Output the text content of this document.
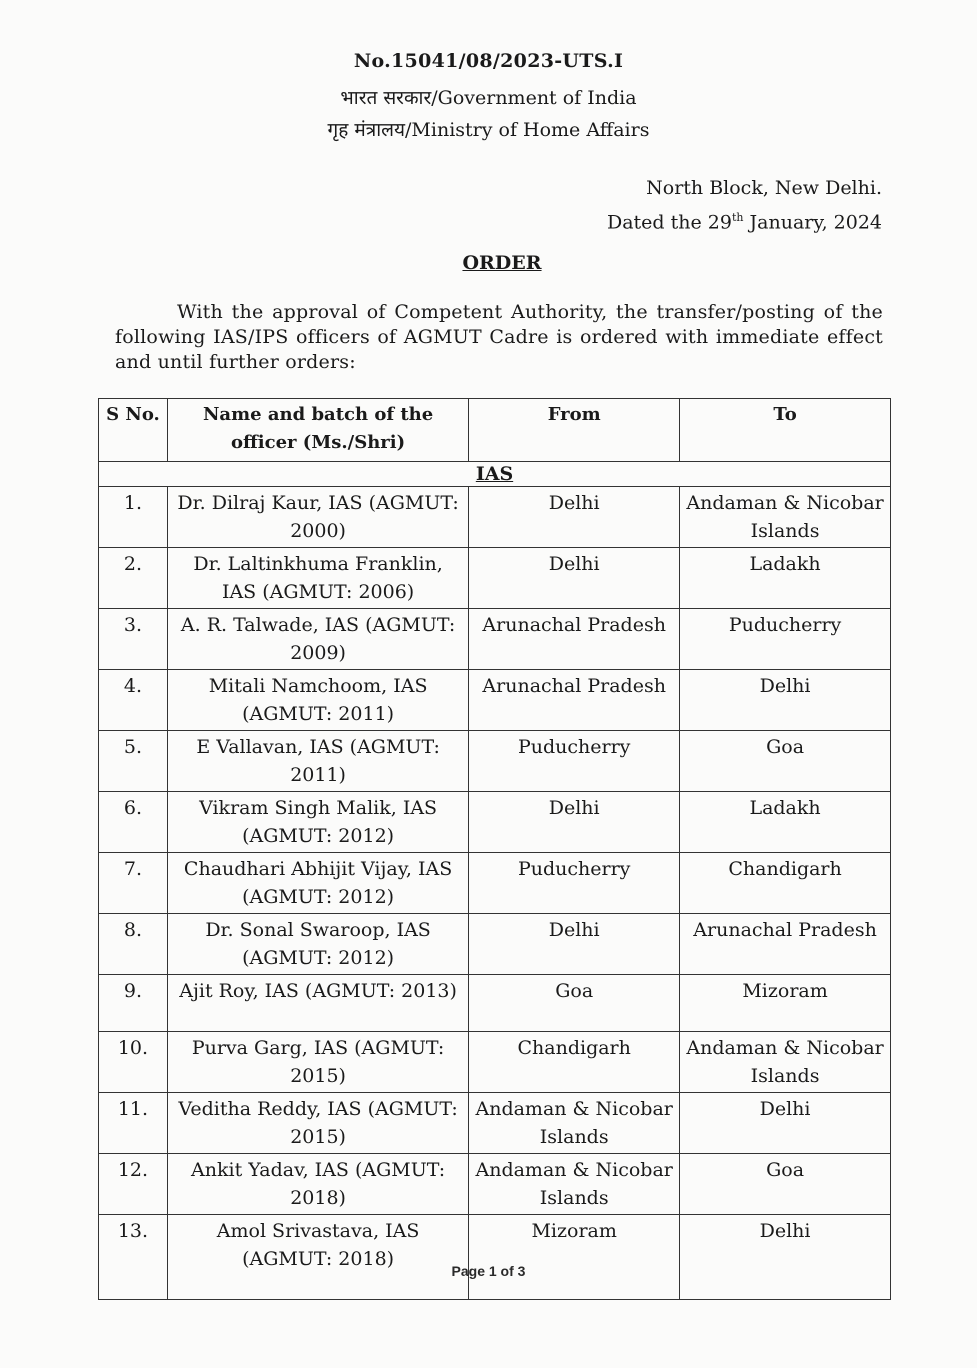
No.15041/08/2023-UTS.I
भारत सरकार/Government of India
गृह मंत्रालय/Ministry of Home Affairs
North Block, New Delhi.
Dated the 29th January, 2024
ORDER
With the approval of Competent Authority, the transfer/posting of the following IAS/IPS officers of AGMUT Cadre is ordered with immediate effect and until further orders:
S No.	Name and batch of the officer (Ms./Shri)	From	To
IAS			
1.	Dr. Dilraj Kaur, IAS (AGMUT: 2000)	Delhi	Andaman & Nicobar Islands
2.	Dr. Laltinkhuma Franklin, IAS (AGMUT: 2006)	Delhi	Ladakh
3.	A. R. Talwade, IAS (AGMUT: 2009)	Arunachal Pradesh	Puducherry
4.	Mitali Namchoom, IAS (AGMUT: 2011)	Arunachal Pradesh	Delhi
5.	E Vallavan, IAS (AGMUT: 2011)	Puducherry	Goa
6.	Vikram Singh Malik, IAS (AGMUT: 2012)	Delhi	Ladakh
7.	Chaudhari Abhijit Vijay, IAS (AGMUT: 2012)	Puducherry	Chandigarh
8.	Dr. Sonal Swaroop, IAS (AGMUT: 2012)	Delhi	Arunachal Pradesh
9.	Ajit Roy, IAS (AGMUT: 2013)	Goa	Mizoram
10.	Purva Garg, IAS (AGMUT: 2015)	Chandigarh	Andaman & Nicobar Islands
11.	Veditha Reddy, IAS (AGMUT: 2015)	Andaman & Nicobar Islands	Delhi
12.	Ankit Yadav, IAS (AGMUT: 2018)	Andaman & Nicobar Islands	Goa
13.	Amol Srivastava, IAS (AGMUT: 2018)	Mizoram	Delhi
Page 1 of 3
